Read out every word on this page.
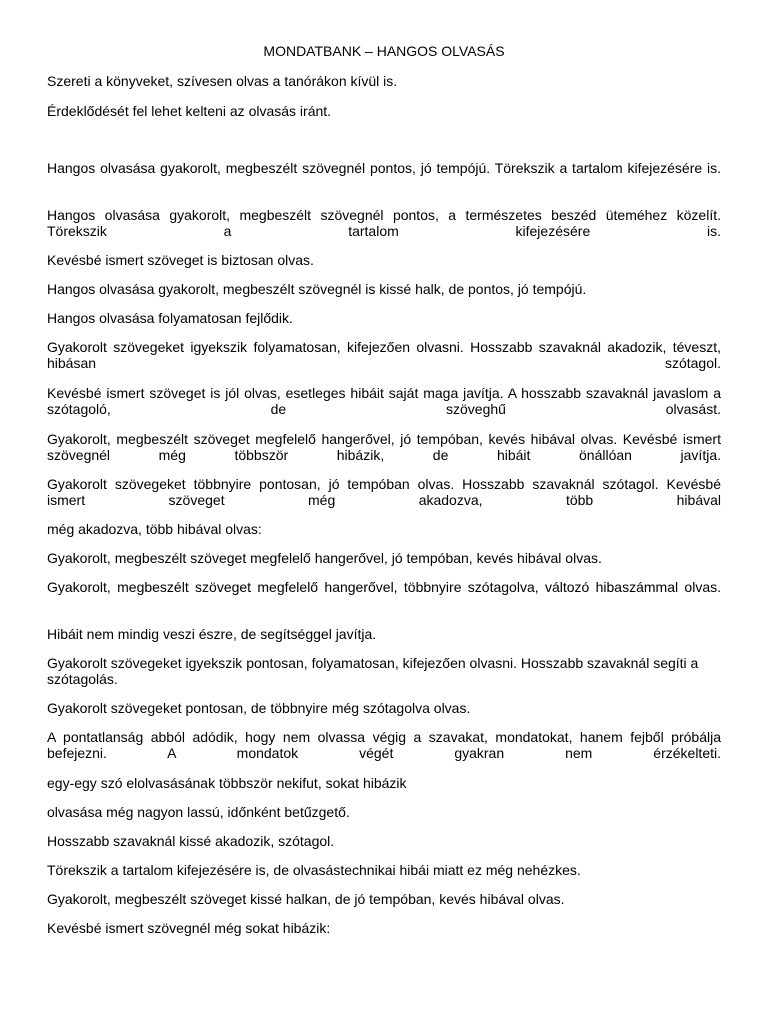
MONDATBANK – HANGOS OLVASÁS

Szereti a könyveket, szívesen olvas a tanórákon kívül is.

Érdeklődését fel lehet kelteni az olvasás iránt.

Hangos olvasása gyakorolt, megbeszélt szövegnél pontos, jó tempójú. Törekszik a tartalom kifejezésére is.

Hangos olvasása gyakorolt, megbeszélt szövegnél pontos, a természetes beszéd üteméhez közelít. Törekszik a tartalom kifejezésére is.

Kevésbé ismert szöveget is biztosan olvas.

Hangos olvasása gyakorolt, megbeszélt szövegnél is kissé halk, de pontos, jó tempójú.

Hangos olvasása folyamatosan fejlődik.

Gyakorolt szövegeket igyekszik folyamatosan, kifejezően olvasni. Hosszabb szavaknál akadozik, téveszt, hibásan szótagol.

Kevésbé ismert szöveget is jól olvas, esetleges hibáit saját maga javítja. A hosszabb szavaknál javaslom a szótagoló, de szöveghű olvasást.

Gyakorolt, megbeszélt szöveget megfelelő hangerővel, jó tempóban, kevés hibával olvas. Kevésbé ismert szövegnél még többször hibázik, de hibáit önállóan javítja.

Gyakorolt szövegeket többnyire pontosan, jó tempóban olvas. Hosszabb szavaknál szótagol. Kevésbé ismert szöveget még akadozva, több hibával

még akadozva, több hibával olvas:

Gyakorolt, megbeszélt szöveget megfelelő hangerővel, jó tempóban, kevés hibával olvas.

Gyakorolt, megbeszélt szöveget megfelelő hangerővel, többnyire szótagolva, változó hibaszámmal olvas.

Hibáit nem mindig veszi észre, de segítséggel javítja.

Gyakorolt szövegeket igyekszik pontosan, folyamatosan, kifejezően olvasni. Hosszabb szavaknál segíti a szótagolás.

Gyakorolt szövegeket pontosan, de többnyire még szótagolva olvas.

A pontatlanság abból adódik, hogy nem olvassa végig a szavakat, mondatokat, hanem fejből próbálja befejezni. A mondatok végét gyakran nem érzékelteti.

egy-egy szó elolvasásának többször nekifut, sokat hibázik

olvasása még nagyon lassú, időnként betűzgető.

Hosszabb szavaknál kissé akadozik, szótagol.

Törekszik a tartalom kifejezésére is, de olvasástechnikai hibái miatt ez még nehézkes.

Gyakorolt, megbeszélt szöveget kissé halkan, de jó tempóban, kevés hibával olvas.

Kevésbé ismert szövegnél még sokat hibázik:
